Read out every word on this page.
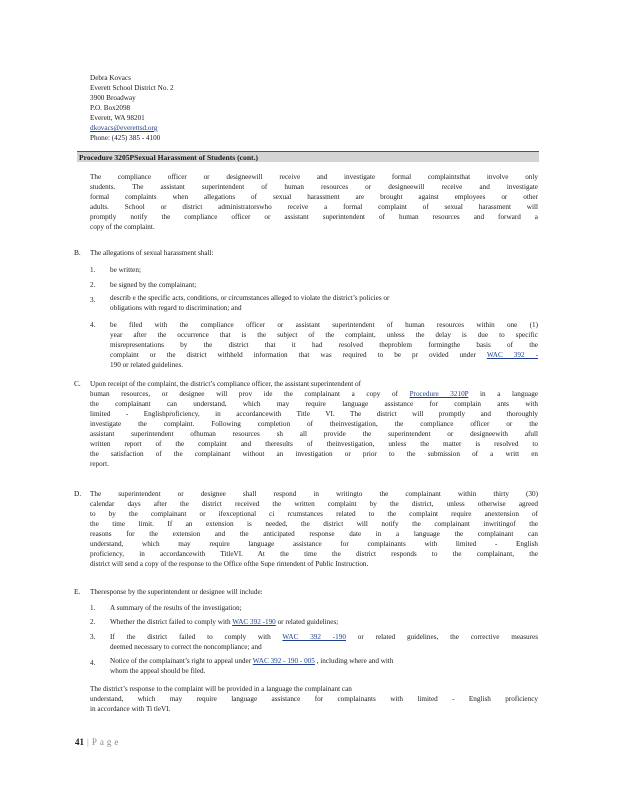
Debra Kovacs
Everett School District No. 2
3900 Broadway
P.O. Box2098
Everett, WA 98201
dkovacs@everettsd.org
Phone: (425) 385 - 4100
Procedure 3205PSexual Harassment of Students (cont.)
The compliance officer or designeewill receive and investigate formal complaintsthat involve only
students. The assistant superintendent of human resources or designeewill receive and investigate
formal complaints when allegations of sexual harassment are brought against employees or other
adults. School or district administratorswho receive a formal complaint of sexual harassment will
promptly notify the compliance officer or assistant superintendent of human resources and forward a
copy of the complaint.
B.	The allegations of sexual harassment shall:
1. be written;
2. be signed by the complainant;
3. describ e the specific acts, conditions, or circumstances alleged to violate the district’s policies or
obligations with regard to discrimination; and
4. be filed with the compliance officer or assistant superintendent of human resources within one (1)
year after the occurrence that is the subject of the complaint, unless the delay is due to specific
misrepresentations by the district that it had resolved theproblem formingthe basis of the
complaint or the district withheld information that was required to be pr ovided under WAC 392 -
190 or related guidelines.
C.	Upon receipt of the complaint, the district’s compliance officer, the assistant superintendent of
human resources, or designee will prov ide the complainant a copy of Procedure 3210P in a language
the complainant can understand, which may require language assistance for complain ants with
limited - Englishproficiency, in accordancewith Title VI. The district will promptly and thoroughly
investigate the complaint. Following completion of theinvestigation, the compliance officer or the
assistant superintendent ofhuman resources sh all provide the superintendent or designeewith afull
written report of the complaint and theresults of theinvestigation, unless the matter is resolved to
the satisfaction of the complainant without an investigation or prior to the submission of a writt en
report.
D.	The superintendent or designee shall respond in writingto the complainant within thirty (30)
calendar days after the district received the written complaint by the district, unless otherwise agreed
to by the complainant or ifexceptional ci rcumstances related to the complaint require anextension of
the time limit. If an extension is needed, the district will notify the complainant inwritingof the
reasons for the extension and the anticipated response date in a language the complainant can
understand, which may require language assistance for complainants with limited - English
proficiency, in accordancewith TitleVI. At the time the district responds to the complainant, the
district will send a copy of the response to the Office ofthe Supe rintendent of Public Instruction.
E.	Theresponse by the superintendent or designee will include:
1. A summary of the results of the investigation;
2. Whether the district failed to comply with WAC 392 -190 or related guidelines;
3. If the district failed to comply with WAC 392 -190 or related guidelines, the corrective measures
deemed necessary to correct the noncompliance; and
4. Notice of the complainant’s right to appeal under WAC 392 - 190 - 005 , including where and with
whom the appeal should be filed.
The district’s response to the complaint will be provided in a language the complainant can
understand, which may require language assistance for complainants with limited - English proficiency
in accordance with Ti tleVI.
41 | Page
